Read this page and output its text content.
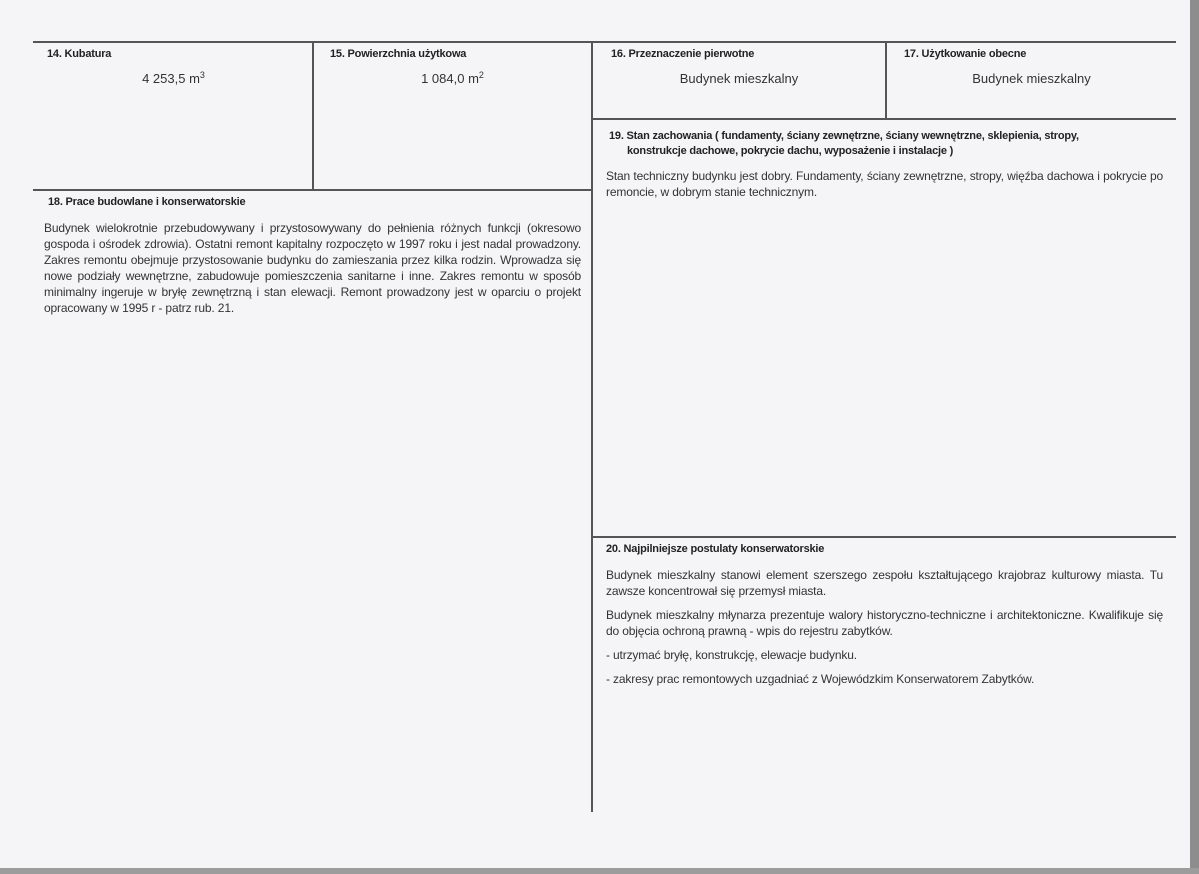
14. Kubatura
4 253,5 $m^3$
15. Powierzchnia użytkowa
1 084,0 $m^2$
16. Przeznaczenie pierwotne
Budynek mieszkalny
17. Użytkowanie obecne
Budynek mieszkalny
19. Stan zachowania ( fundamenty, ściany zewnętrzne, ściany wewnętrzne, sklepienia, stropy,
konstrukcje dachowe, pokrycie dachu, wyposażenie i instalacje )
Stan techniczny budynku jest dobry. Fundamenty, ściany zewnętrzne, stropy, więźba dachowa i pokrycie po remoncie, w dobrym stanie technicznym.
18. Prace budowlane i konserwatorskie
Budynek wielokrotnie przebudowywany i przystosowywany do pełnienia różnych funkcji (okresowo gospoda i ośrodek zdrowia). Ostatni remont kapitalny rozpoczęto w 1997 roku i jest nadal prowadzony. Zakres remontu obejmuje przystosowanie budynku do zamieszania przez kilka rodzin. Wprowadza się nowe podziały wewnętrzne, zabudowuje pomieszczenia sanitarne i inne. Zakres remontu w sposób minimalny ingeruje w bryłę zewnętrzną i stan elewacji. Remont prowadzony jest w oparciu o projekt opracowany w 1995 r - patrz rub. 21.
20. Najpilniejsze postulaty konserwatorskie

Budynek mieszkalny stanowi element szerszego zespołu kształtującego krajobraz kulturowy miasta. Tu zawsze koncentrował się przemysł miasta.

Budynek mieszkalny młynarza prezentuje walory historyczno-techniczne i architektoniczne. Kwalifikuje się do objęcia ochroną prawną - wpis do rejestru zabytków.

- utrzymać bryłę, konstrukcję, elewacje budynku.

- zakresy prac remontowych uzgadniać z Wojewódzkim Konserwatorem Zabytków.
